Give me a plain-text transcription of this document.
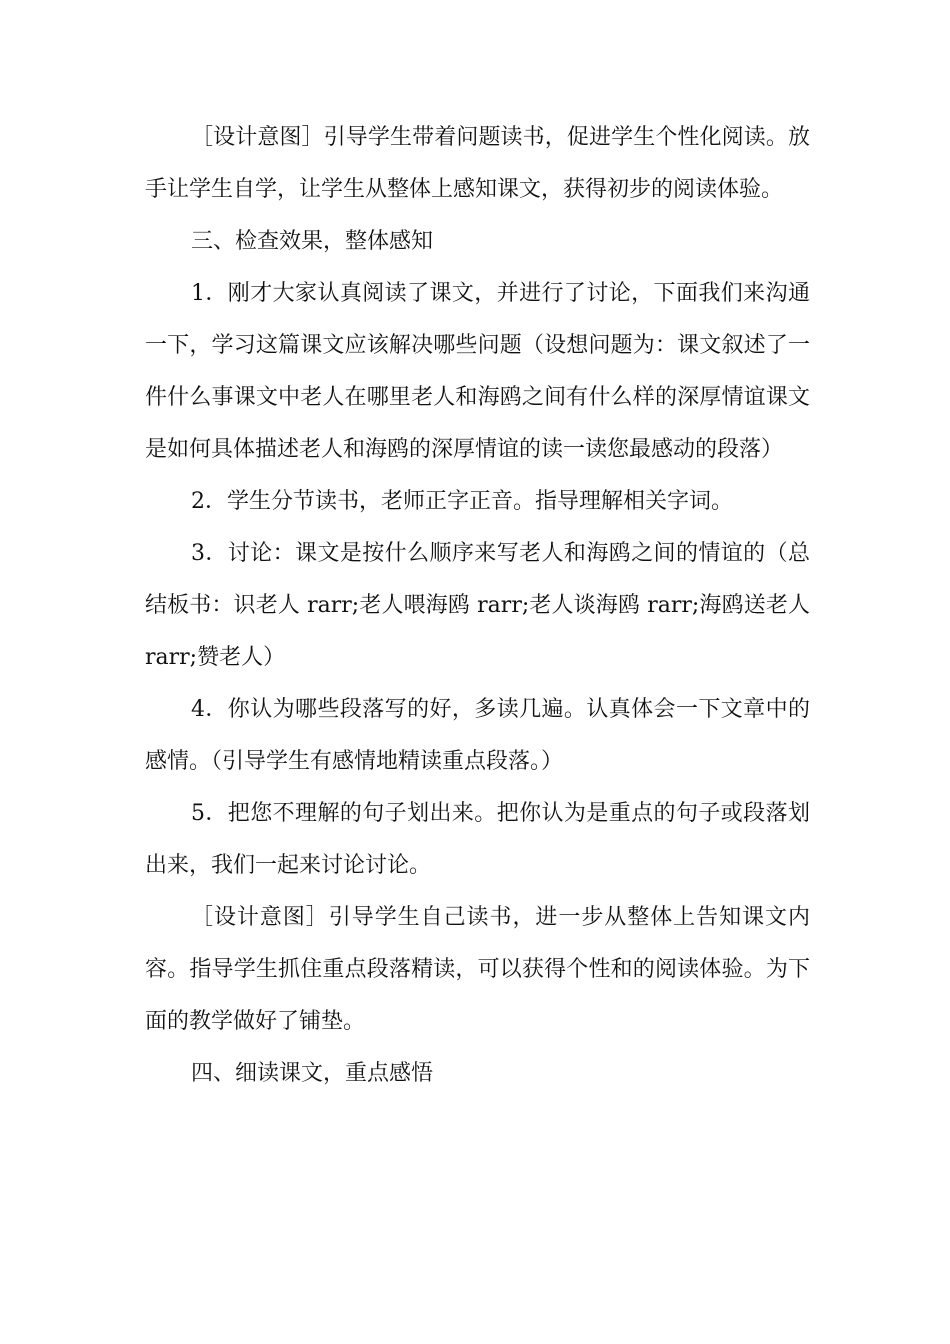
［设计意图］引导学生带着问题读书，促进学生个性化阅读。放手让学生自学，让学生从整体上感知课文，获得初步的阅读体验。

三、检查效果，整体感知

1．刚才大家认真阅读了课文，并进行了讨论，下面我们来沟通一下，学习这篇课文应该解决哪些问题（设想问题为：课文叙述了一件什么事课文中老人在哪里老人和海鸥之间有什么样的深厚情谊课文是如何具体描述老人和海鸥的深厚情谊的读一读您最感动的段落）

2．学生分节读书，老师正字正音。指导理解相关字词。

3．讨论：课文是按什么顺序来写老人和海鸥之间的情谊的（总结板书：识老人 rarr;老人喂海鸥 rarr;老人谈海鸥 rarr;海鸥送老人 rarr;赞老人）

4．你认为哪些段落写的好，多读几遍。认真体会一下文章中的感情。（引导学生有感情地精读重点段落。）

5．把您不理解的句子划出来。把你认为是重点的句子或段落划出来，我们一起来讨论讨论。

［设计意图］引导学生自己读书，进一步从整体上告知课文内容。指导学生抓住重点段落精读，可以获得个性和的阅读体验。为下面的教学做好了铺垫。

四、细读课文，重点感悟
